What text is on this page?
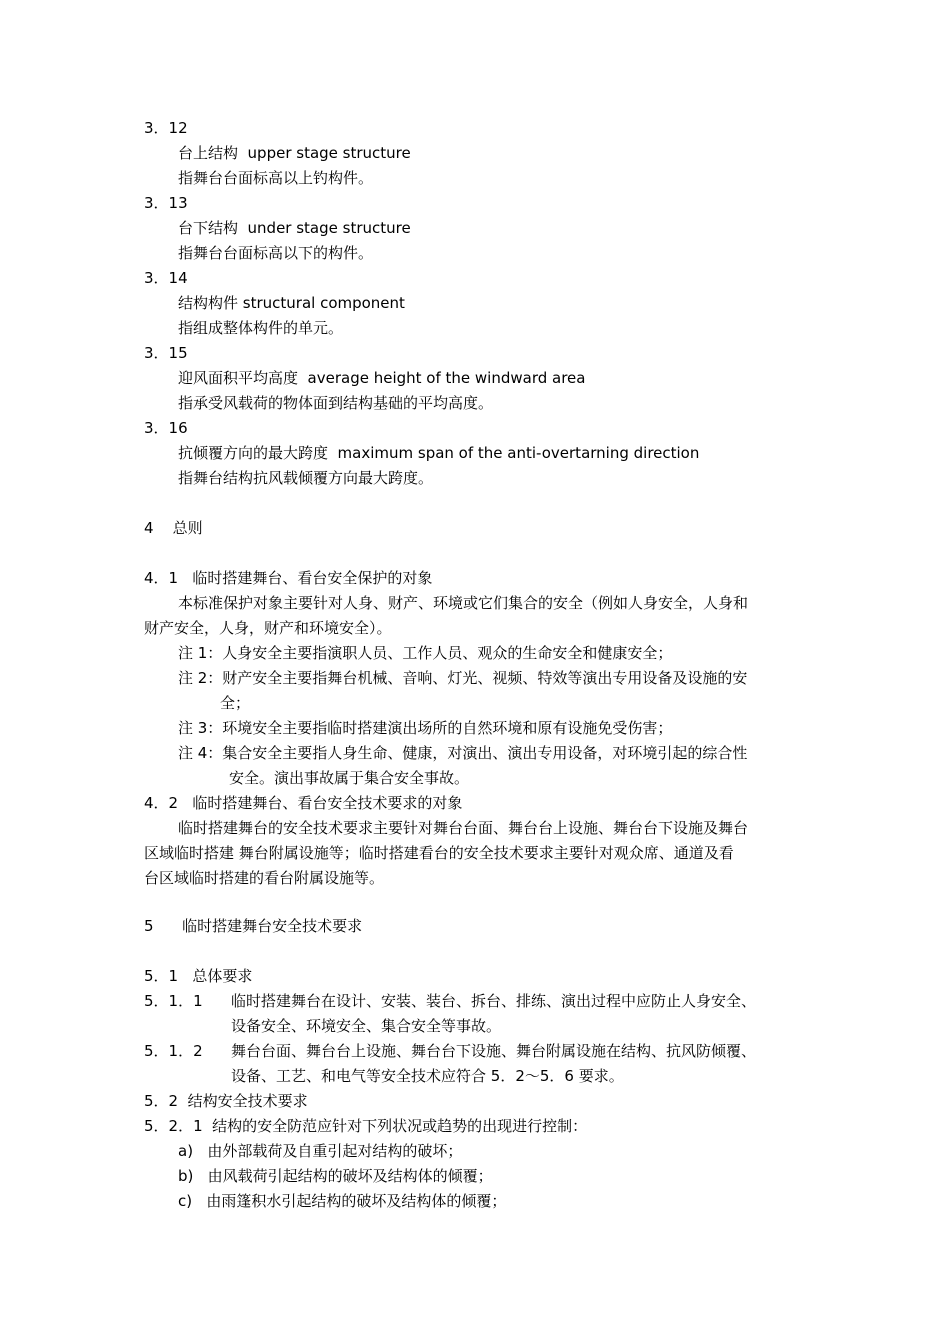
3．12
台上结构  upper stage structure
指舞台台面标高以上钓构件。
3．13
台下结构  under stage structure
指舞台台面标高以下的构件。
3．14
结构构件 structural component
指组成整体构件的单元。
3．15
迎风面积平均高度  average height of the windward area
指承受风载荷的物体面到结构基础的平均高度。
3．16
抗倾覆方向的最大跨度  maximum span of the anti-overtarning direction
指舞台结构抗风载倾覆方向最大跨度。
4    总则
4．1   临时搭建舞台、看台安全保护的对象
本标准保护对象主要针对人身、财产、环境或它们集合的安全（例如人身安全，人身和
财产安全，人身，财产和环境安全）。
注 1：人身安全主要指演职人员、工作人员、观众的生命安全和健康安全；
注 2：财产安全主要指舞台机械、音响、灯光、视频、特效等演出专用设备及设施的安
全；
注 3：环境安全主要指临时搭建演出场所的自然环境和原有设施免受伤害；
注 4：集合安全主要指人身生命、健康，对演出、演出专用设备，对环境引起的综合性
安全。演出事故属于集合安全事故。
4．2   临时搭建舞台、看台安全技术要求的对象
临时搭建舞台的安全技术要求主要针对舞台台面、舞台台上设施、舞台台下设施及舞台
区域临时搭建 舞台附属设施等；临时搭建看台的安全技术要求主要针对观众席、通道及看
台区域临时搭建的看台附属设施等。
5      临时搭建舞台安全技术要求
5．1   总体要求
5．1．1 临时搭建舞台在设计、安装、装台、拆台、排练、演出过程中应防止人身安全、
设备安全、环境安全、集合安全等事故。
5．1．2 舞台台面、舞台台上设施、舞台台下设施、舞台附属设施在结构、抗风防倾覆、
设备、工艺、和电气等安全技术应符合 5．2～5．6 要求。
5．2  结构安全技术要求
5．2．1  结构的安全防范应针对下列状况或趋势的出现进行控制：
a)   由外部载荷及自重引起对结构的破坏；
b)   由风载荷引起结构的破坏及结构体的倾覆；
c)   由雨篷积水引起结构的破坏及结构体的倾覆；
